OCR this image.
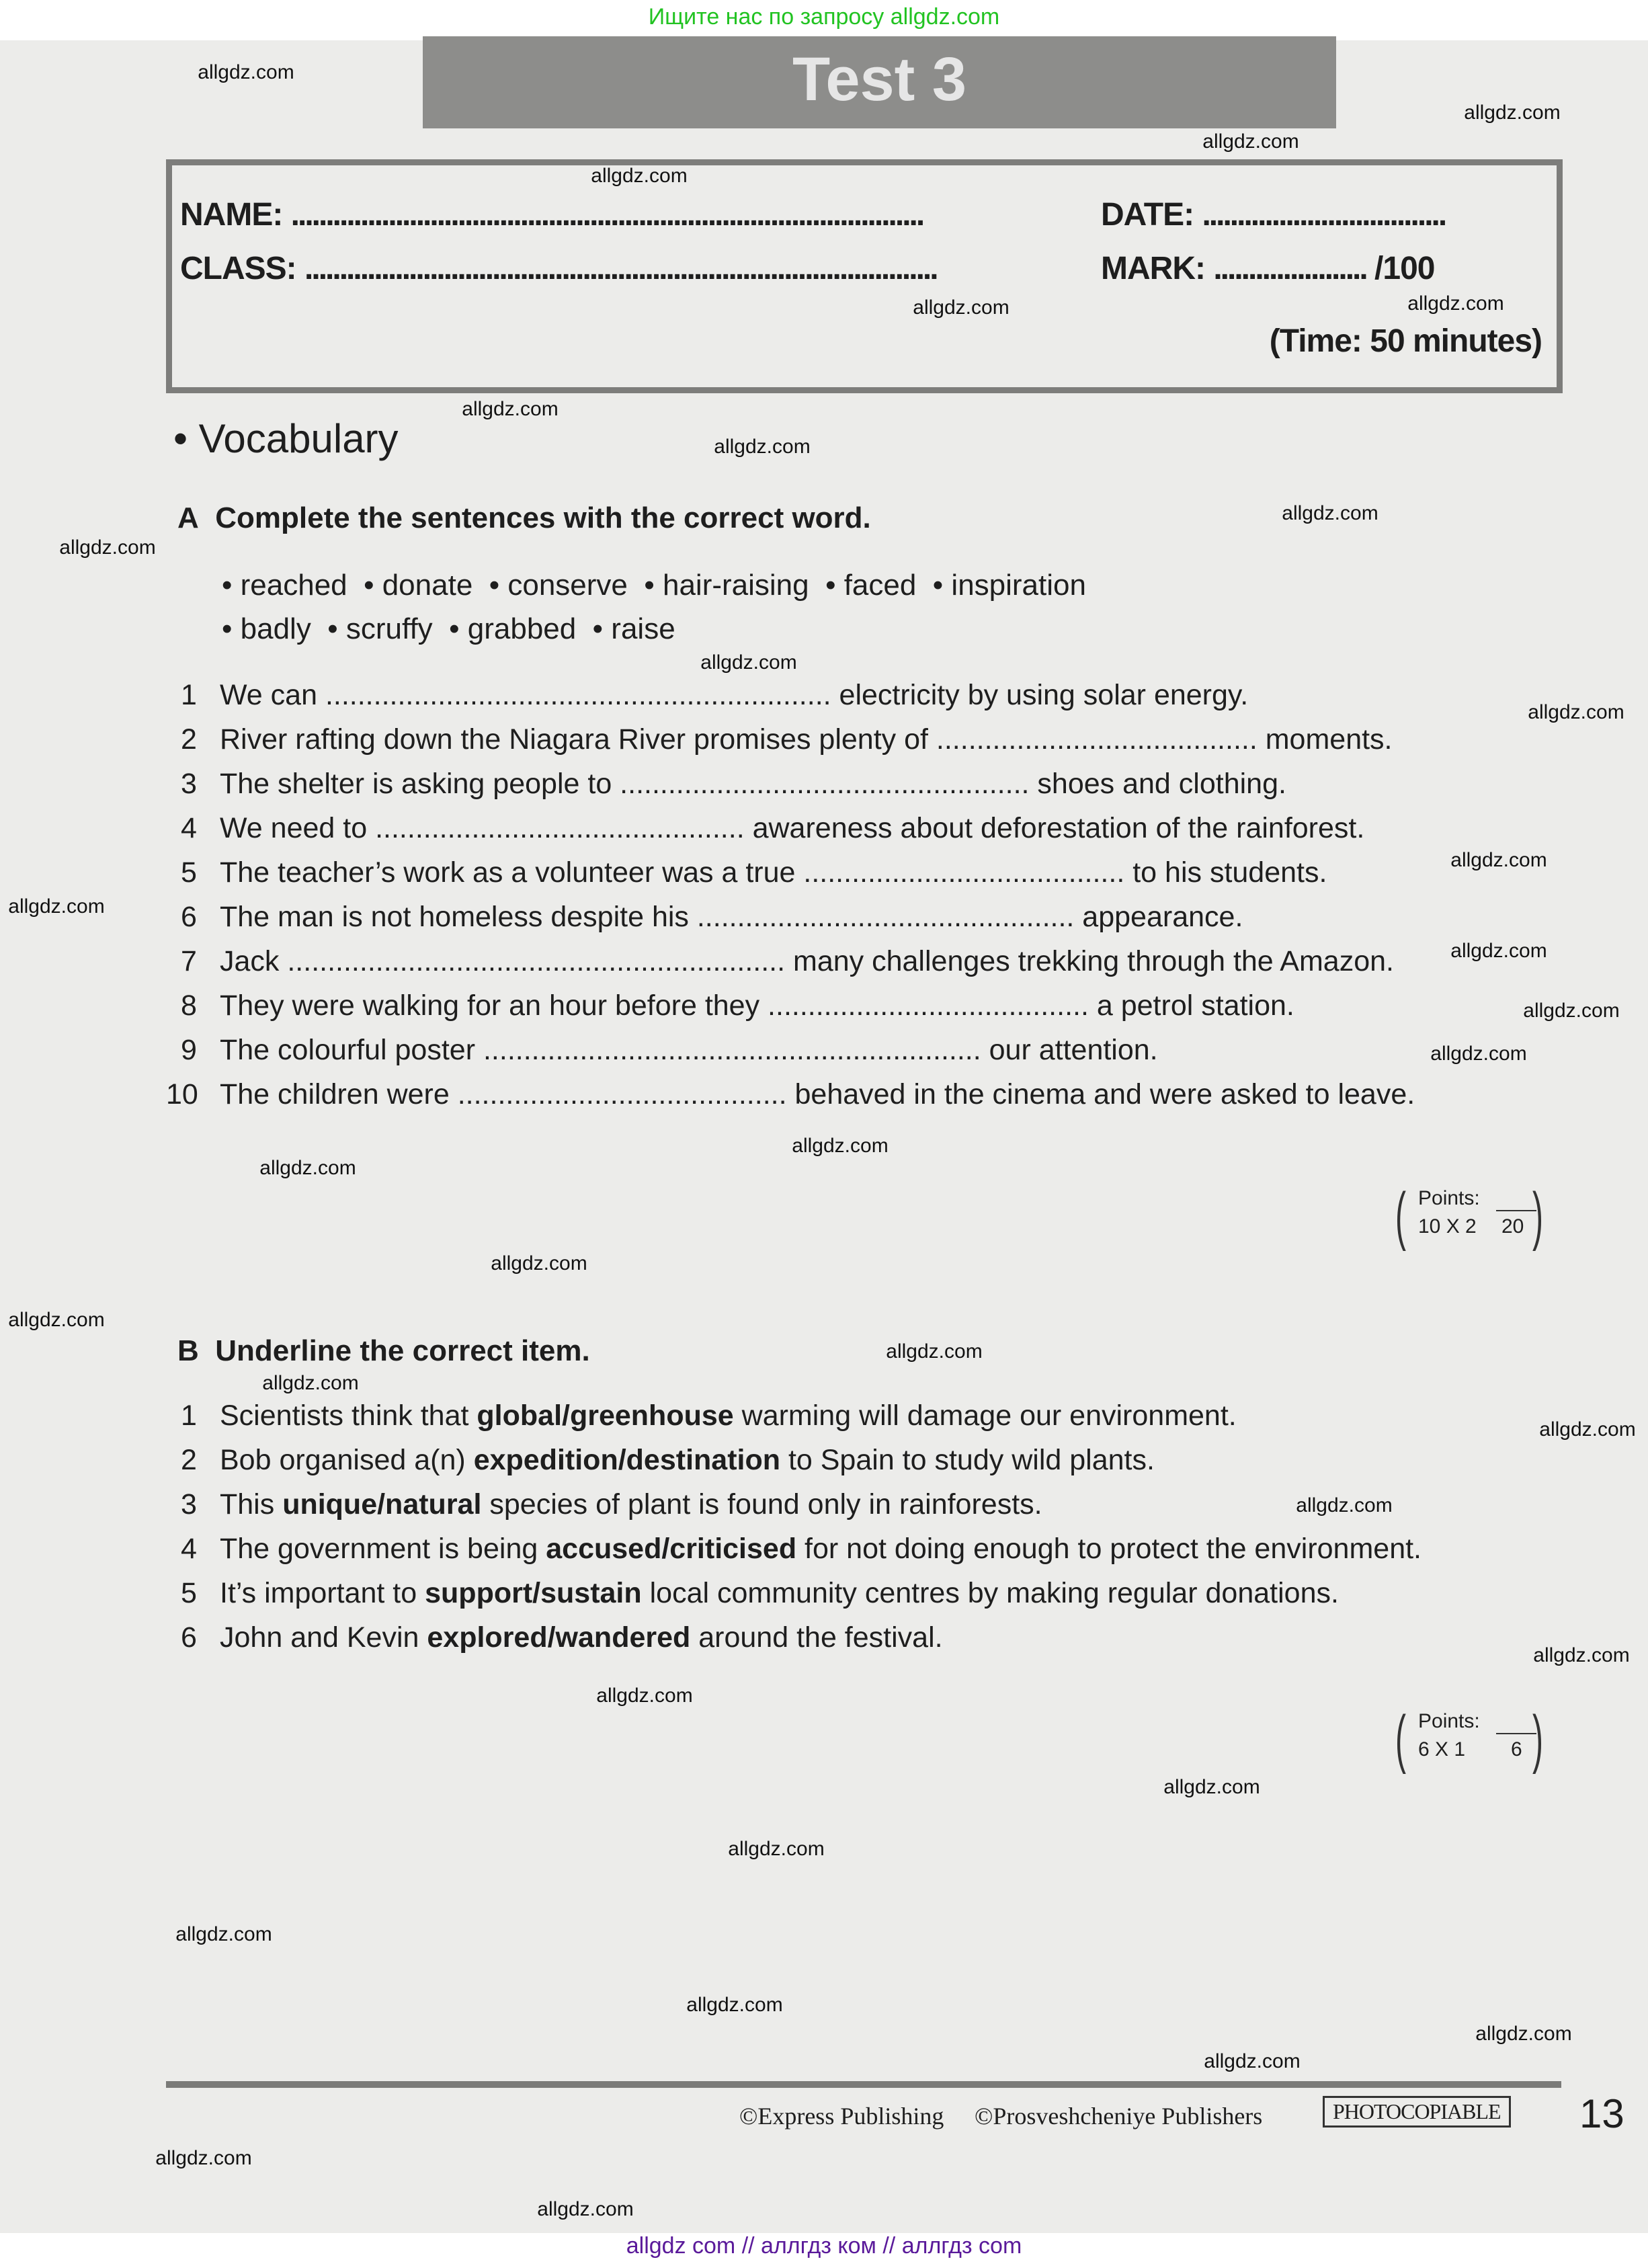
Ищите нас по запросу allgdz.com
Test 3
NAME: ...........................................................................................	DATE: ...................................
CLASS: ...........................................................................................	MARK: ...................... /100
(Time: 50 minutes)
• Vocabulary
A Complete the sentences with the correct word.
• reached  • donate  • conserve  • hair-raising  • faced  • inspiration
• badly  • scruffy  • grabbed  • raise
1 We can ............................................................... electricity by using solar energy.
2 River rafting down the Niagara River promises plenty of ........................................ moments.
3 The shelter is asking people to ................................................... shoes and clothing.
4 We need to .............................................. awareness about deforestation of the rainforest.
5 The teacher’s work as a volunteer was a true ........................................ to his students.
6 The man is not homeless despite his ............................................... appearance.
7 Jack .............................................................. many challenges trekking through the Amazon.
8 They were walking for an hour before they ........................................ a petrol station.
9 The colourful poster .............................................................. our attention.
10 The children were ......................................... behaved in the cinema and were asked to leave.
( Points:
10 X 2 20 )
B Underline the correct item.
1 Scientists think that global/greenhouse warming will damage our environment.
2 Bob organised a(n) expedition/destination to Spain to study wild plants.
3 This unique/natural species of plant is found only in rainforests.
4 The government is being accused/criticised for not doing enough to protect the environment.
5 It’s important to support/sustain local community centres by making regular donations.
6 John and Kevin explored/wandered around the festival.
( Points:
6 X 1 6 )
©Express Publishing ©Prosveshcheniye Publishers	PHOTOCOPIABLE 13
allgdz com // аллгдз ком // аллгдз com
allgdz.com
allgdz.com
allgdz.com
allgdz.com
allgdz.com	allgdz.com
allgdz.com
allgdz.com
allgdz.com
allgdz.com
allgdz.com
allgdz.com
allgdz.com
allgdz.com
allgdz.com
allgdz.com
allgdz.com
allgdz.com
allgdz.com
allgdz.com
allgdz.com
allgdz.com
allgdz.com
allgdz.com
allgdz.com
allgdz.com
allgdz.com
allgdz.com
allgdz.com
allgdz.com
allgdz.com
allgdz.com
allgdz.com
allgdz.com
allgdz.com
